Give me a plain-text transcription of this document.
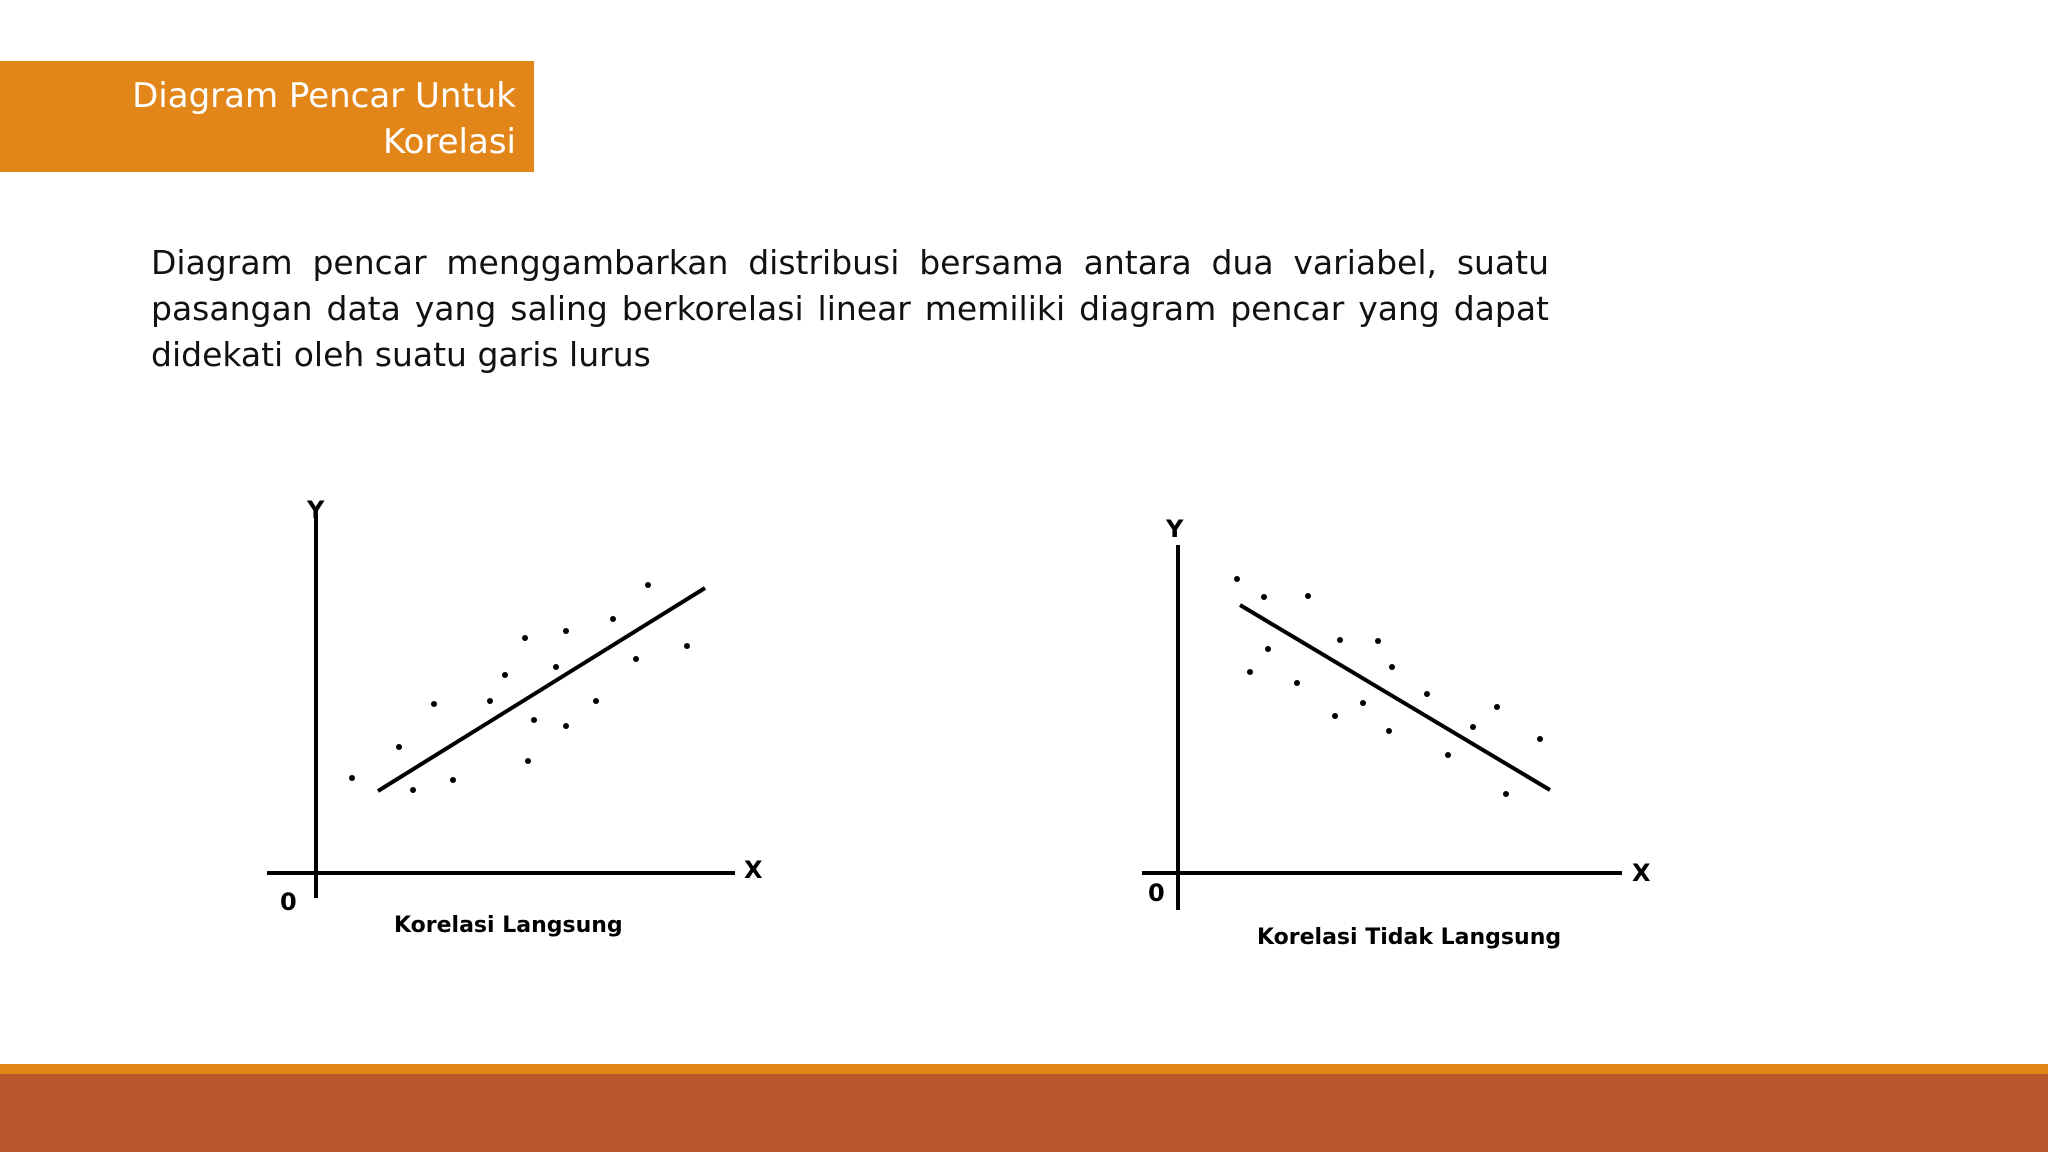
Diagram Pencar Untuk Korelasi
Linier Sederhana
Diagram pencar menggambarkan distribusi bersama antara dua variabel, suatu pasangan data yang saling berkorelasi linear memiliki diagram pencar yang dapat didekati oleh suatu garis lurus
Y
X
0
Korelasi Langsung
Y
X
0
Korelasi Tidak Langsung
